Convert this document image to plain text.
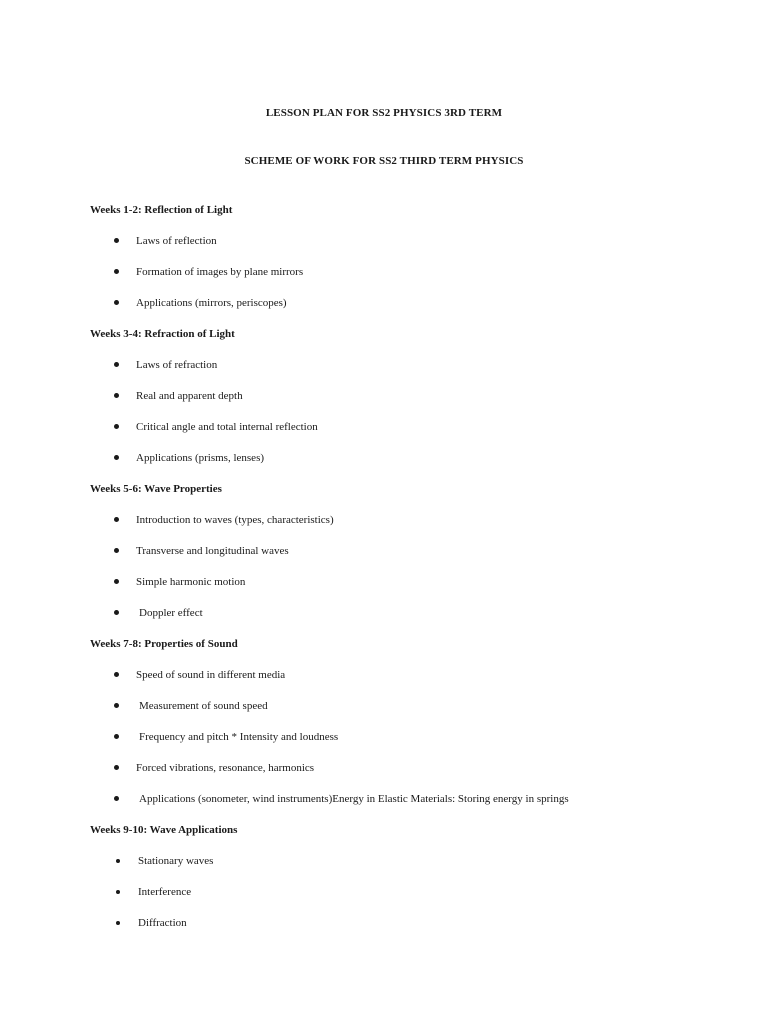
LESSON PLAN FOR SS2 PHYSICS 3RD TERM
SCHEME OF WORK FOR SS2 THIRD TERM PHYSICS
Weeks 1-2: Reflection of Light
Laws of reflection
Formation of images by plane mirrors
Applications (mirrors, periscopes)
Weeks 3-4: Refraction of Light
Laws of refraction
Real and apparent depth
Critical angle and total internal reflection
Applications (prisms, lenses)
Weeks 5-6: Wave Properties
Introduction to waves (types, characteristics)
Transverse and longitudinal waves
Simple harmonic motion
Doppler effect
Weeks 7-8: Properties of Sound
Speed of sound in different media
Measurement of sound speed
Frequency and pitch * Intensity and loudness
Forced vibrations, resonance, harmonics
Applications (sonometer, wind instruments)Energy in Elastic Materials: Storing energy in springs
Weeks 9-10: Wave Applications
Stationary waves
Interference
Diffraction
